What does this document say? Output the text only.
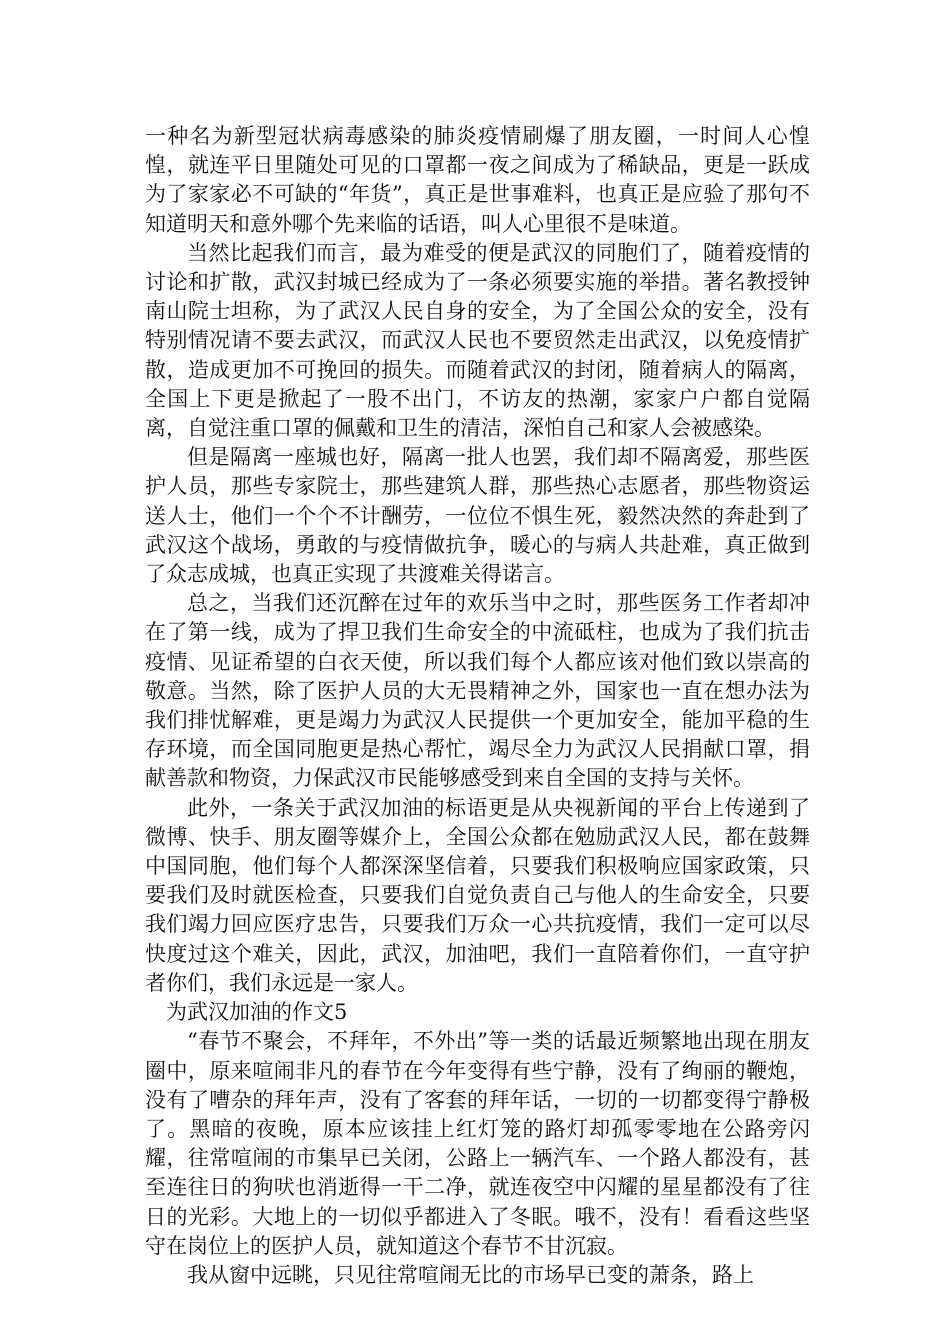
一种名为新型冠状病毒感染的肺炎疫情刷爆了朋友圈，一时间人心惶惶，就连平日里随处可见的口罩都一夜之间成为了稀缺品，更是一跃成为了家家必不可缺的“年货”，真正是世事难料，也真正是应验了那句不知道明天和意外哪个先来临的话语，叫人心里很不是味道。

当然比起我们而言，最为难受的便是武汉的同胞们了，随着疫情的讨论和扩散，武汉封城已经成为了一条必须要实施的举措。著名教授钟南山院士坦称，为了武汉人民自身的安全，为了全国公众的安全，没有特别情况请不要去武汉，而武汉人民也不要贸然走出武汉，以免疫情扩散，造成更加不可挽回的损失。而随着武汉的封闭，随着病人的隔离，全国上下更是掀起了一股不出门，不访友的热潮，家家户户都自觉隔离，自觉注重口罩的佩戴和卫生的清洁，深怕自己和家人会被感染。

但是隔离一座城也好，隔离一批人也罢，我们却不隔离爱，那些医护人员，那些专家院士，那些建筑人群，那些热心志愿者，那些物资运送人士，他们一个个不计酬劳，一位位不惧生死，毅然决然的奔赴到了武汉这个战场，勇敢的与疫情做抗争，暖心的与病人共赴难，真正做到了众志成城，也真正实现了共渡难关得诺言。

总之，当我们还沉醉在过年的欢乐当中之时，那些医务工作者却冲在了第一线，成为了捍卫我们生命安全的中流砥柱，也成为了我们抗击疫情、见证希望的白衣天使，所以我们每个人都应该对他们致以崇高的敬意。当然，除了医护人员的大无畏精神之外，国家也一直在想办法为我们排忧解难，更是竭力为武汉人民提供一个更加安全，能加平稳的生存环境，而全国同胞更是热心帮忙，竭尽全力为武汉人民捐献口罩，捐献善款和物资，力保武汉市民能够感受到来自全国的支持与关怀。

此外，一条关于武汉加油的标语更是从央视新闻的平台上传递到了微博、快手、朋友圈等媒介上，全国公众都在勉励武汉人民，都在鼓舞中国同胞，他们每个人都深深坚信着，只要我们积极响应国家政策，只要我们及时就医检查，只要我们自觉负责自己与他人的生命安全，只要我们竭力回应医疗忠告，只要我们万众一心共抗疫情，我们一定可以尽快度过这个难关，因此，武汉，加油吧，我们一直陪着你们，一直守护者你们，我们永远是一家人。

为武汉加油的作文5

“春节不聚会，不拜年，不外出”等一类的话最近频繁地出现在朋友圈中，原来喧闹非凡的春节在今年变得有些宁静，没有了绚丽的鞭炮，没有了嘈杂的拜年声，没有了客套的拜年话，一切的一切都变得宁静极了。黑暗的夜晚，原本应该挂上红灯笼的路灯却孤零零地在公路旁闪耀，往常喧闹的市集早已关闭，公路上一辆汽车、一个路人都没有，甚至连往日的狗吠也消逝得一干二净，就连夜空中闪耀的星星都没有了往日的光彩。大地上的一切似乎都进入了冬眠。哦不，没有！看看这些坚守在岗位上的医护人员，就知道这个春节不甘沉寂。

我从窗中远眺，只见往常喧闹无比的市场早已变的萧条，路上
